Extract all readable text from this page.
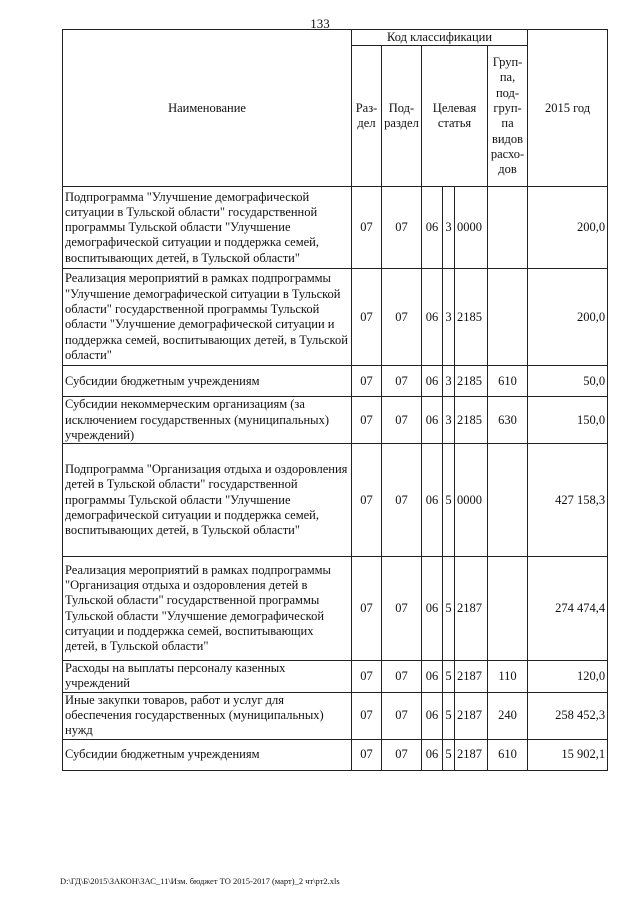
133
Наименование	Код классификации						2015 год
	Раз-дел	Под-раздел	Целевая статья			Груп-па, под-груп-па видов расхо-дов	
Подпрограмма "Улучшение демографической ситуации в Тульской области" государственной программы Тульской области "Улучшение демографической ситуации и поддержка семей, воспитывающих детей, в Тульской области"	07	07	06	3	0000		200,0
Реализация мероприятий в рамках подпрограммы "Улучшение демографической ситуации в Тульской области" государственной программы Тульской области "Улучшение демографической ситуации и поддержка семей, воспитывающих детей, в Тульской области"	07	07	06	3	2185		200,0
Субсидии бюджетным учреждениям	07	07	06	3	2185	610	50,0
Субсидии некоммерческим организациям (за исключением государственных (муниципальных) учреждений)	07	07	06	3	2185	630	150,0
Подпрограмма "Организация отдыха и оздоровления детей в Тульской области" государственной программы Тульской области "Улучшение демографической ситуации и поддержка семей, воспитывающих детей, в Тульской области"	07	07	06	5	0000		427 158,3
Реализация мероприятий в рамках подпрограммы "Организация отдыха и оздоровления детей в Тульской области" государственной программы Тульской области "Улучшение демографической ситуации и поддержка семей, воспитывающих детей, в Тульской области"	07	07	06	5	2187		274 474,4
Расходы на выплаты персоналу казенных учреждений	07	07	06	5	2187	110	120,0
Иные закупки товаров, работ и услуг для обеспечения государственных (муниципальных) нужд	07	07	06	5	2187	240	258 452,3
Субсидии бюджетным учреждениям	07	07	06	5	2187	610	15 902,1
D:\ГД\Б\2015\ЗАКОН\ЗАС_11\Изм. бюджет ТО 2015-2017 (март)_2 чт\рт2.xls
